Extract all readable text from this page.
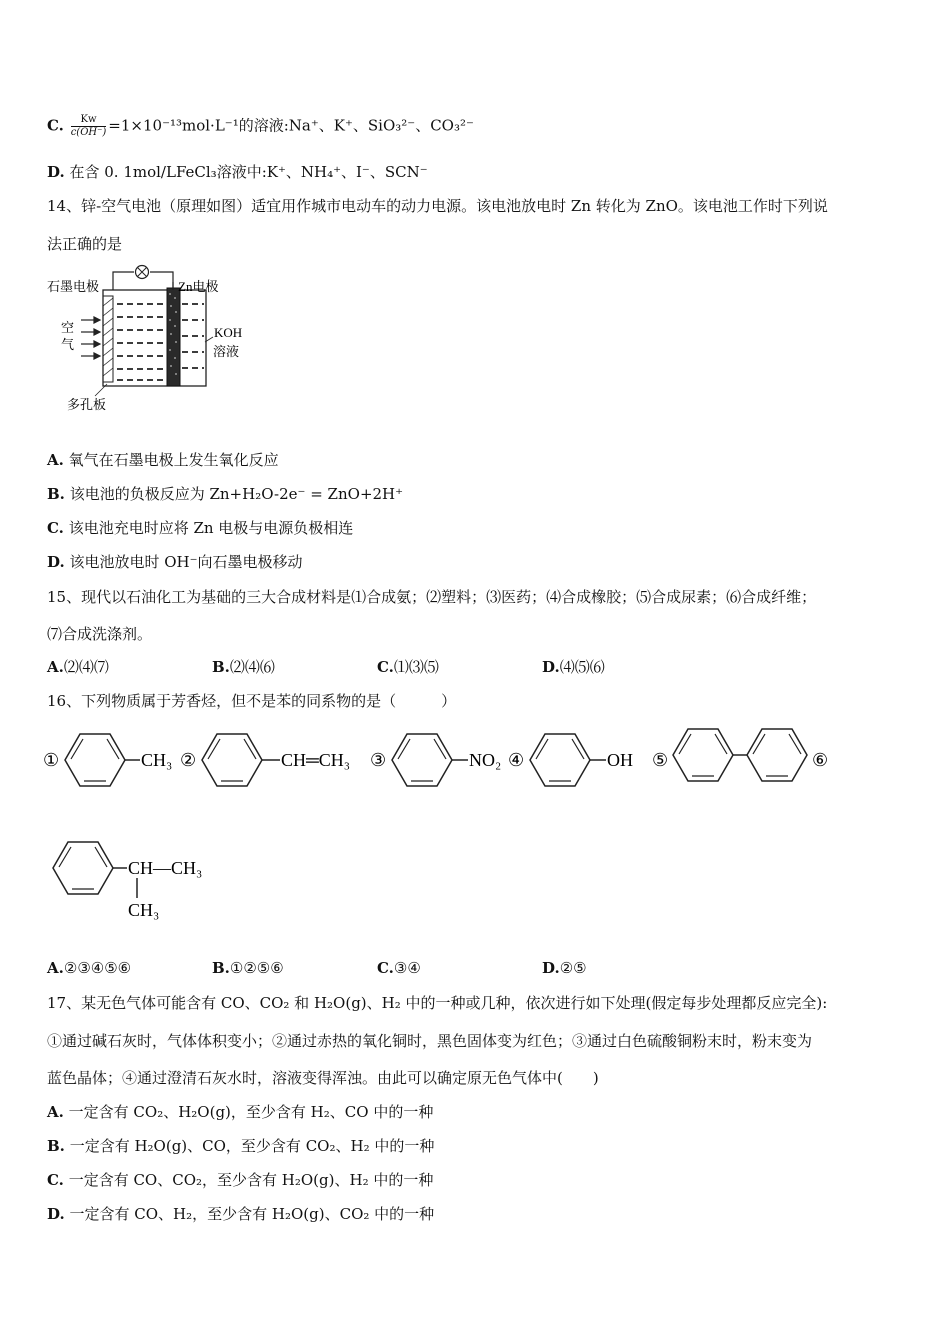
C. $\frac{Kw}{c(OH^-)} =1\times 10^{-13}mol\cdot L^{-1}$的溶液:Na⁺、K⁺、SiO₃²⁻、CO₃²⁻
D. 在含 0. 1mol/LFeCl₃溶液中:K⁺、NH₄⁺、I⁻、SCN⁻
14、锌-空气电池（原理如图）适宜用作城市电动车的动力电源。该电池放电时 Zn 转化为 ZnO。该电池工作时下列说
法正确的是
石墨电极	Zn电极
空
气
KOH
溶液
多孔板
A. 氧气在石墨电极上发生氧化反应
B. 该电池的负极反应为 Zn+H₂O-2e⁻ = ZnO+2H⁺
C. 该电池充电时应将 Zn 电极与电源负极相连
D. 该电池放电时 OH⁻向石墨电极移动
15、现代以石油化工为基础的三大合成材料是⑴合成氨；⑵塑料；⑶医药；⑷合成橡胶；⑸合成尿素；⑹合成纤维；
⑺合成洗涤剂。
A.⑵⑷⑺	B.⑵⑷⑹	C.⑴⑶⑸	D.⑷⑸⑹
16、下列物质属于芳香烃，但不是苯的同系物的是（　　　）
①	CH₃ ②	CH═CH₃ ③	NO₂ ④	OH ⑤	⑥
CH—CH₃
CH₃
A.②③④⑤⑥	B.①②⑤⑥	C.③④	D.②⑤
17、某无色气体可能含有 CO、CO₂ 和 H₂O(g)、H₂ 中的一种或几种，依次进行如下处理(假定每步处理都反应完全):
①通过碱石灰时，气体体积变小；②通过赤热的氧化铜时，黑色固体变为红色；③通过白色硫酸铜粉末时，粉末变为
蓝色晶体；④通过澄清石灰水时，溶液变得浑浊。由此可以确定原无色气体中(　　)
A. 一定含有 CO₂、H₂O(g)，至少含有 H₂、CO 中的一种
B. 一定含有 H₂O(g)、CO，至少含有 CO₂、H₂ 中的一种
C. 一定含有 CO、CO₂，至少含有 H₂O(g)、H₂ 中的一种
D. 一定含有 CO、H₂，至少含有 H₂O(g)、CO₂ 中的一种
